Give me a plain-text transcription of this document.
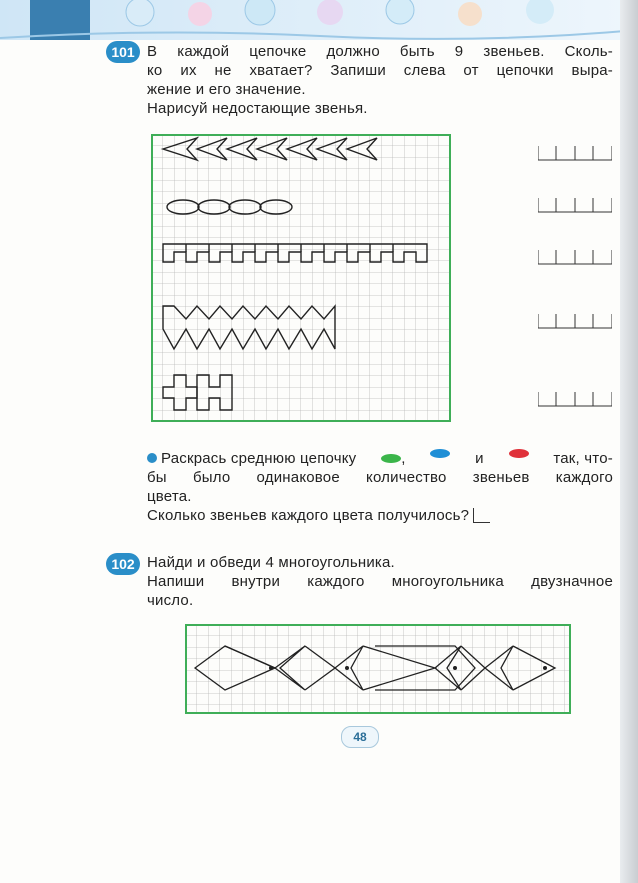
101 В каждой цепочке должно быть 9 звеньев. Сколь-
ко их не хватает? Запиши слева от цепочки выра-
жение и его значение.
Нарисуй недостающие звенья.
Раскрась среднюю цепочку	,	и	так, что-
бы было одинаковое количество звеньев каждого
цвета.
Сколько звеньев каждого цвета получилось?
102 Найди и обведи 4 многоугольника.
Напиши внутри каждого многоугольника двузначное
число.
48
